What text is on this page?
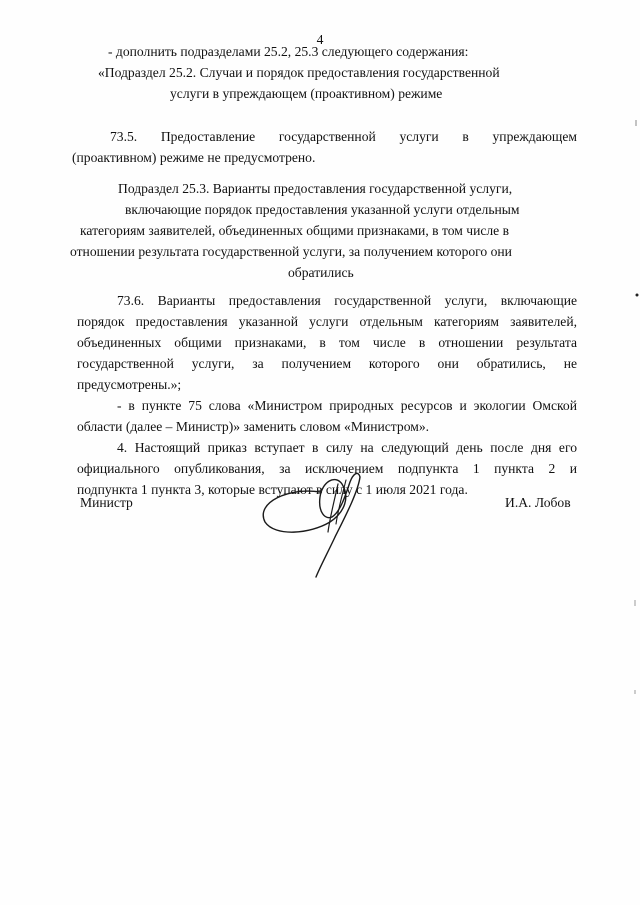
4
- дополнить подразделами 25.2, 25.3 следующего содержания:
«Подраздел 25.2. Случаи и порядок предоставления государственной
услуги в упреждающем (проактивном) режиме
73.5. Предоставление государственной услуги в упреждающем
(проактивном) режиме не предусмотрено.
Подраздел 25.3. Варианты предоставления государственной услуги,
включающие порядок предоставления указанной услуги отдельным
категориям заявителей, объединенных общими признаками, в том числе в
отношении результата государственной услуги, за получением которого они
обратились
73.6. Варианты предоставления государственной услуги, включающие
порядок предоставления указанной услуги отдельным категориям заявителей,
объединенных общими признаками, в том числе в отношении результата
государственной услуги, за получением которого они обратились, не
предусмотрены.»;
- в пункте 75 слова «Министром природных ресурсов и экологии Омской
области (далее – Министр)» заменить словом «Министром».
4. Настоящий приказ вступает в силу на следующий день после дня его
официального опубликования, за исключением подпункта 1 пункта 2 и
подпункта 1 пункта 3, которые вступают в силу с 1 июля 2021 года.
Министр	И.А. Лобов
